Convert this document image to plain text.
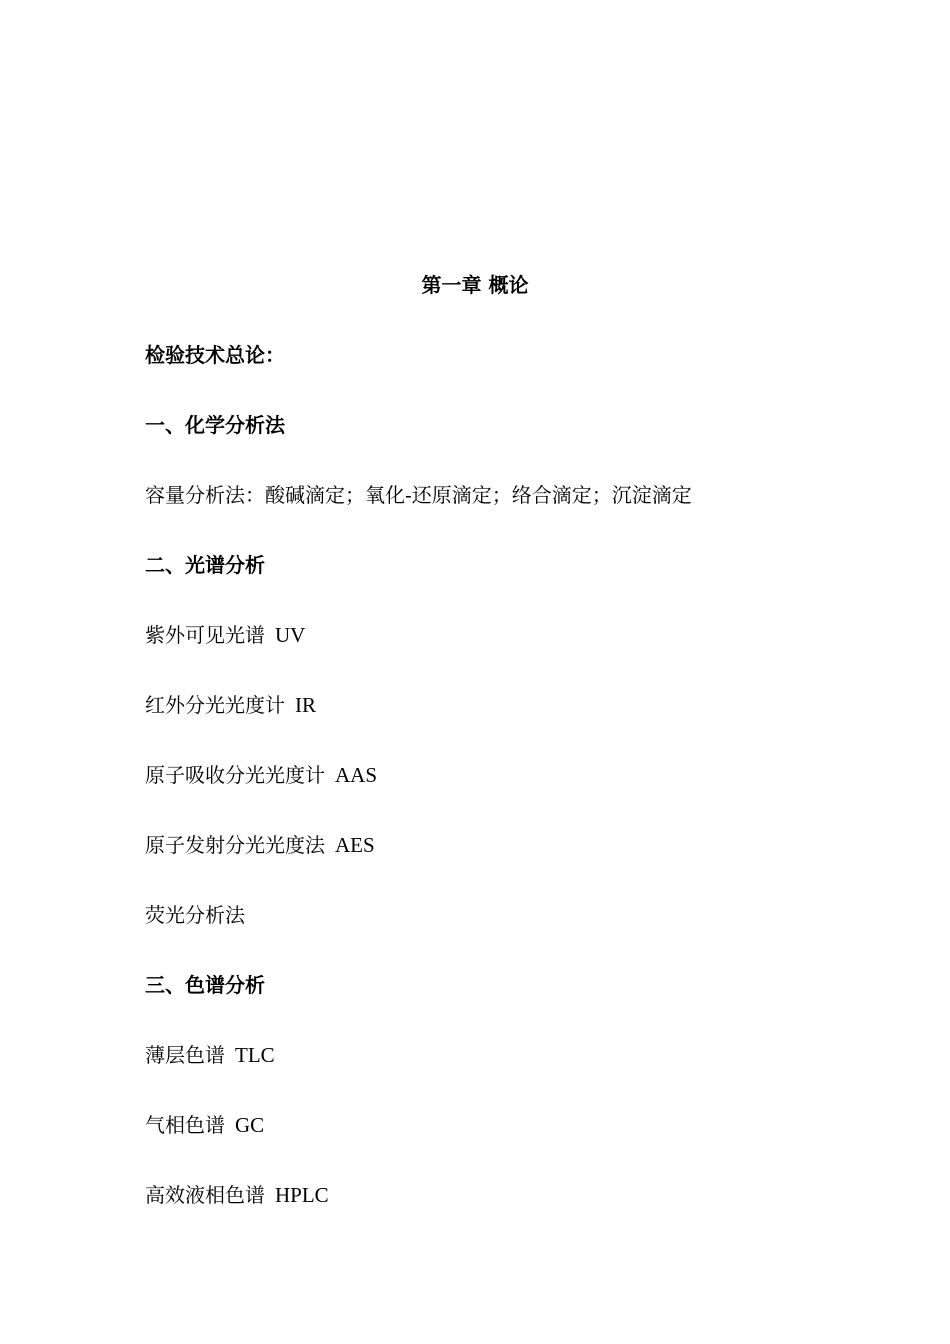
第一章 概论
检验技术总论：
一、化学分析法
容量分析法：酸碱滴定；氧化-还原滴定；络合滴定；沉淀滴定
二、光谱分析
紫外可见光谱 UV
红外分光光度计 IR
原子吸收分光光度计 AAS
原子发射分光光度法 AES
荧光分析法
三、色谱分析
薄层色谱 TLC
气相色谱 GC
高效液相色谱 HPLC
